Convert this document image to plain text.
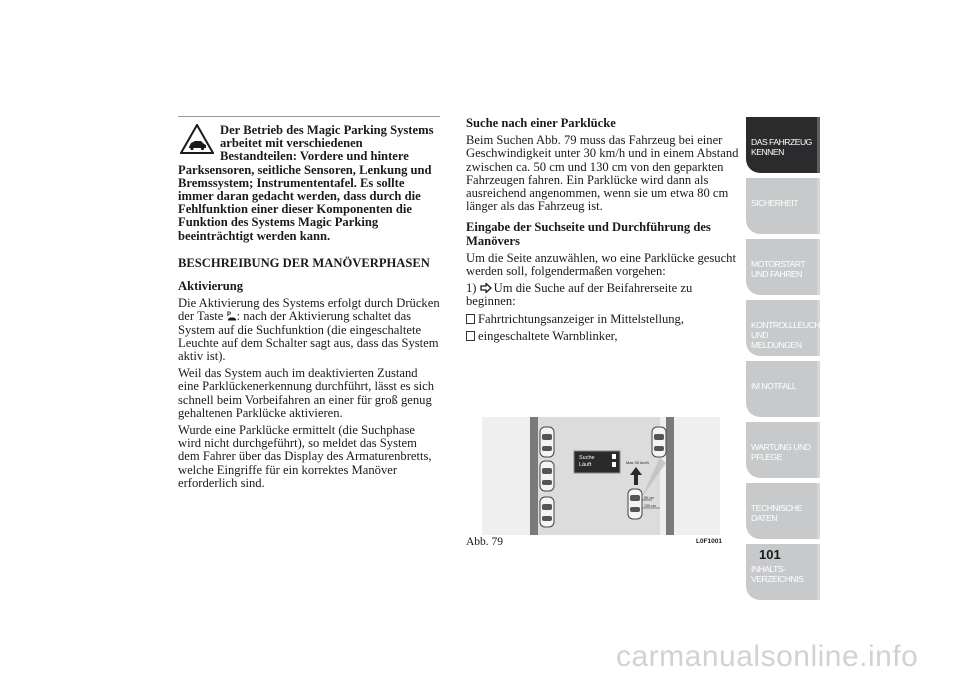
Der Betrieb des Magic Parking Systems
arbeitet mit verschiedenen
Bestandteilen: Vordere und hintere
Parksensoren, seitliche Sensoren, Lenkung und Bremssystem; Instrumententafel. Es sollte immer daran gedacht werden, dass durch die Fehlfunktion einer dieser Komponenten die Funktion des Systems Magic Parking beeinträchtigt werden kann.
BESCHREIBUNG DER MANÖVERPHASEN
Aktivierung

Die Aktivierung des Systems erfolgt durch Drücken der Taste P : nach der Aktivierung schaltet das System auf die Suchfunktion (die eingeschaltete Leuchte auf dem Schalter sagt aus, dass das System aktiv ist).

Weil das System auch im deaktivierten Zustand eine Parklückenerkennung durchführt, lässt es sich schnell beim Vorbeifahren an einer für groß genug gehaltenen Parklücke aktivieren.

Wurde eine Parklücke ermittelt (die Suchphase wird nicht durchgeführt), so meldet das System dem Fahrer über das Display des Armaturenbretts, welche Eingriffe für ein korrektes Manöver erforderlich sind.

Suche nach einer Parklücke

Beim Suchen Abb. 79 muss das Fahrzeug bei einer Geschwindigkeit unter 30 km/h und in einem Abstand zwischen ca. 50 cm und 130 cm von den geparkten Fahrzeugen fahren. Ein Parklücke wird dann als ausreichend angenommen, wenn sie um etwa 80 cm länger als das Fahrzeug ist.

Eingabe der Suchseite und Durchführung des Manövers

Um die Seite anzuwählen, wo eine Parklücke gesucht werden soll, folgendermaßen vorgehen:

1) Um die Suche auf der Beifahrerseite zu beginnen:

Fahrtrichtungsanzeiger in Mittelstellung,
eingeschaltete Warnblinker,
Suche
Läuft	Max 30 km/h
50 cm
130 cm
Abb. 79	L0F1001
DAS FAHRZEUG KENNEN
SICHERHEIT
MOTORSTART UND FAHREN
KONTROLLLEUCHTEN UND MELDUNGEN
IM NOTFALL
WARTUNG UND PFLEGE
TECHNISCHE DATEN
INHALTS-VERZEICHNIS
101
carmanualsonline.info
